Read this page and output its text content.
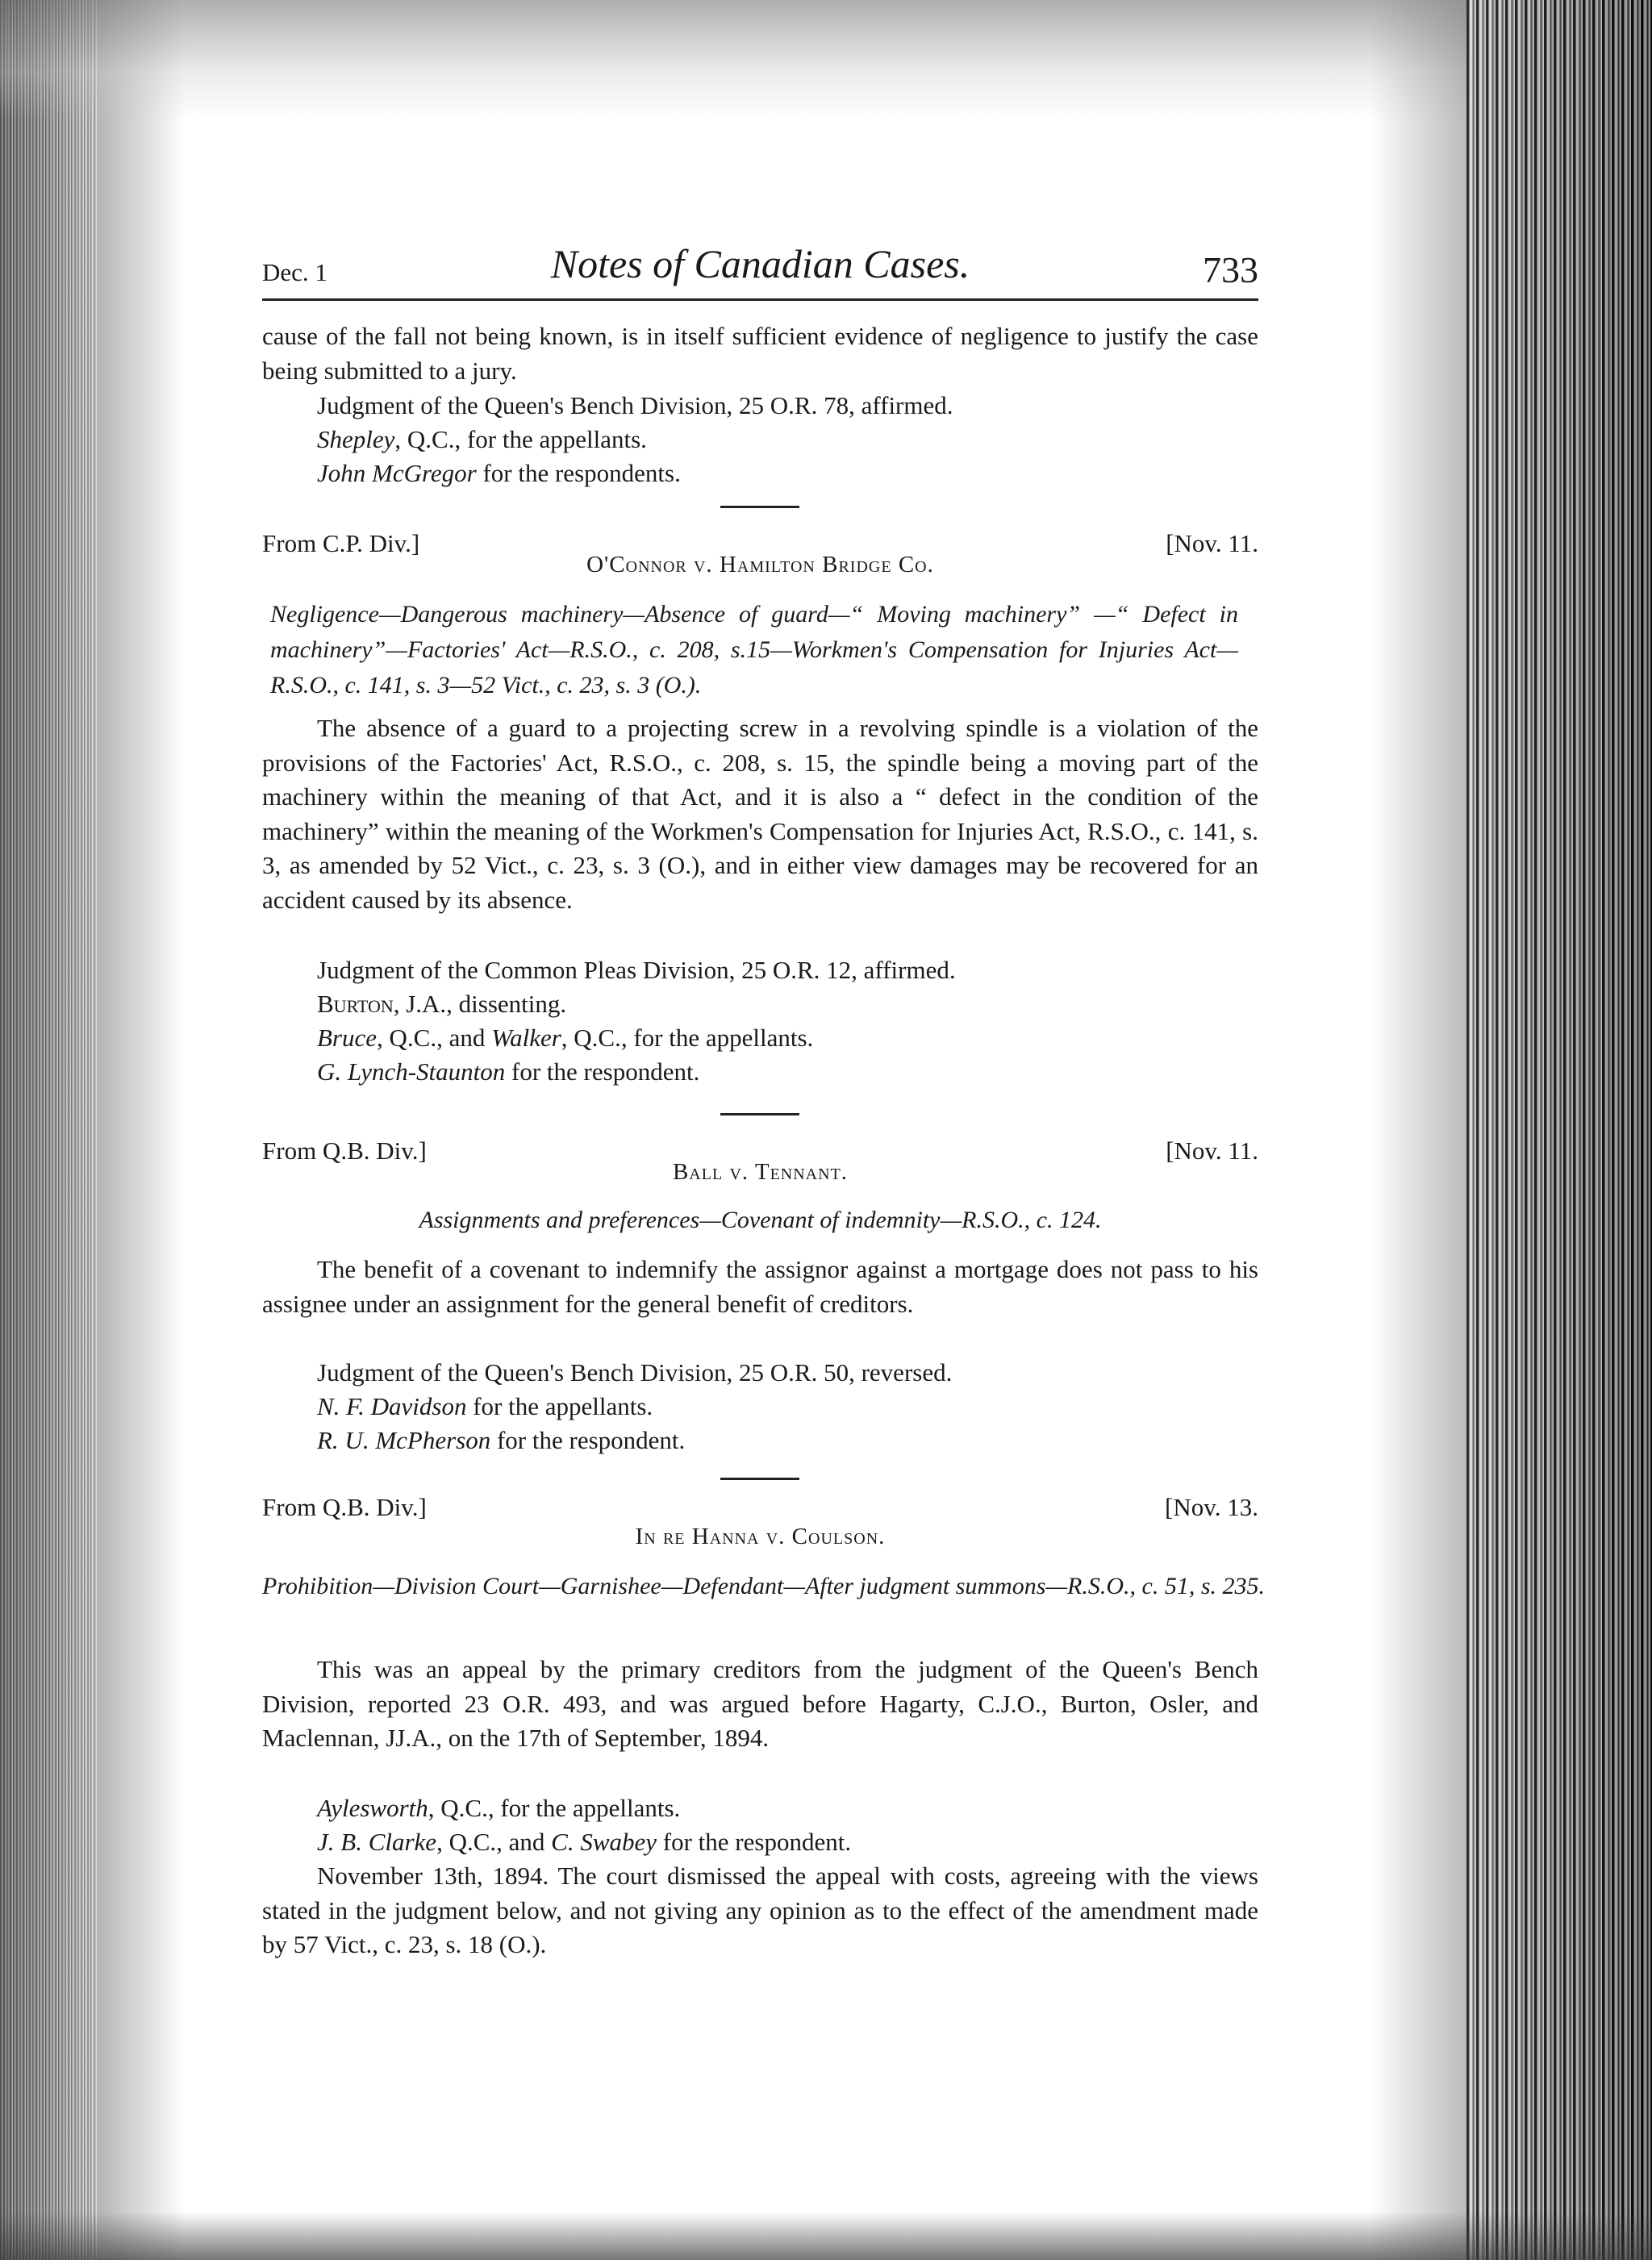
Dec. 1	Notes of Canadian Cases.	733
cause of the fall not being known, is in itself sufficient evidence of negligence to justify the case being submitted to a jury.
Judgment of the Queen's Bench Division, 25 O.R. 78, affirmed.
Shepley, Q.C., for the appellants.
John McGregor for the respondents.
From C.P. Div.]	[Nov. 11.
O'Connor v. Hamilton Bridge Co.
Negligence—Dangerous machinery—Absence of guard—“ Moving machinery” —“ Defect in machinery”—Factories' Act—R.S.O., c. 208, s.15—Workmen's Compensation for Injuries Act—R.S.O., c. 141, s. 3—52 Vict., c. 23, s. 3 (O.).
The absence of a guard to a projecting screw in a revolving spindle is a violation of the provisions of the Factories' Act, R.S.O., c. 208, s. 15, the spindle being a moving part of the machinery within the meaning of that Act, and it is also a “ defect in the condition of the machinery” within the meaning of the Workmen's Compensation for Injuries Act, R.S.O., c. 141, s. 3, as amended by 52 Vict., c. 23, s. 3 (O.), and in either view damages may be recovered for an accident caused by its absence.
Judgment of the Common Pleas Division, 25 O.R. 12, affirmed.
Burton, J.A., dissenting.
Bruce, Q.C., and Walker, Q.C., for the appellants.
G. Lynch-Staunton for the respondent.
From Q.B. Div.]	[Nov. 11.
Ball v. Tennant.
Assignments and preferences—Covenant of indemnity—R.S.O., c. 124.
The benefit of a covenant to indemnify the assignor against a mortgage does not pass to his assignee under an assignment for the general benefit of creditors.
Judgment of the Queen's Bench Division, 25 O.R. 50, reversed.
N. F. Davidson for the appellants.
R. U. McPherson for the respondent.
From Q.B. Div.]	[Nov. 13.
In re Hanna v. Coulson.
Prohibition—Division Court—Garnishee—Defendant—After judgment summons—R.S.O., c. 51, s. 235.
This was an appeal by the primary creditors from the judgment of the Queen's Bench Division, reported 23 O.R. 493, and was argued before Hagarty, C.J.O., Burton, Osler, and Maclennan, JJ.A., on the 17th of September, 1894.
Aylesworth, Q.C., for the appellants.
J. B. Clarke, Q.C., and C. Swabey for the respondent.
November 13th, 1894. The court dismissed the appeal with costs, agreeing with the views stated in the judgment below, and not giving any opinion as to the effect of the amendment made by 57 Vict., c. 23, s. 18 (O.).
